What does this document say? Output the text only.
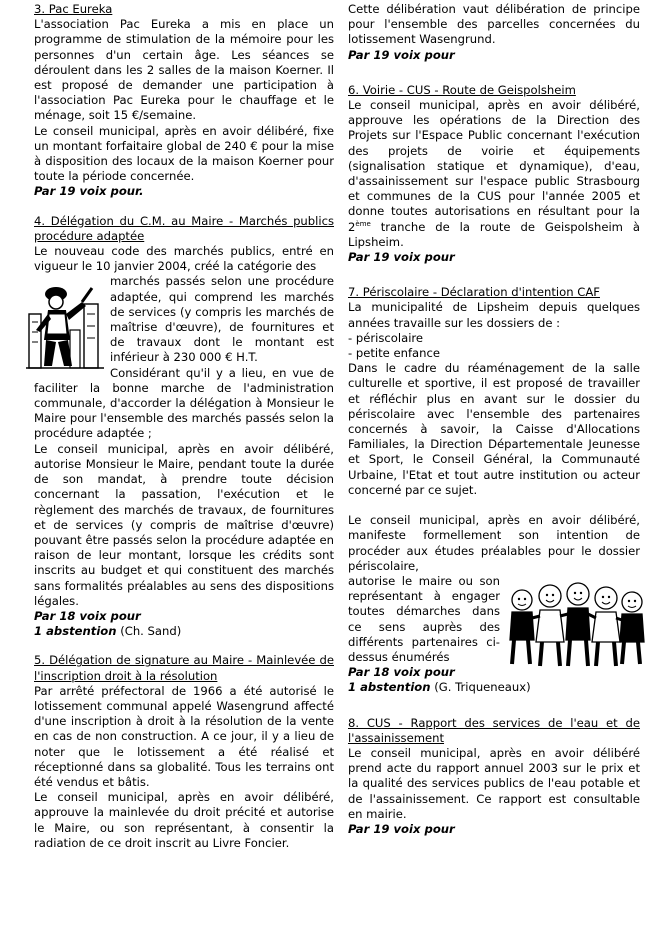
3. Pac Eureka

L'association Pac Eureka a mis en place un programme de stimulation de la mémoire pour les personnes d'un certain âge. Les séances se déroulent dans les 2 salles de la maison Koerner. Il est proposé de demander une participation à l'association Pac Eureka pour le chauffage et le ménage, soit 15 €/semaine.

Le conseil municipal, après en avoir délibéré, fixe un montant forfaitaire global de 240 € pour la mise à disposition des locaux de la maison Koerner pour toute la période concernée.

Par 19 voix pour.

4. Délégation du C.M. au Maire - Marchés publics procédure adaptée

Le nouveau code des marchés publics, entré en vigueur le 10 janvier 2004, créé la catégorie des

marchés passés selon une procédure adaptée, qui comprend les marchés de services (y compris les marchés de maîtrise d'œuvre), de fournitures et de travaux dont le montant est inférieur à 230 000 € H.T.

Considérant qu'il y a lieu, en vue de faciliter la bonne marche de l'administration communale, d'accorder la délégation à Monsieur le Maire pour l'ensemble des marchés passés selon la procédure adaptée ;

Le conseil municipal, après en avoir délibéré, autorise Monsieur le Maire, pendant toute la durée de son mandat, à prendre toute décision concernant la passation, l'exécution et le règlement des marchés de travaux, de fournitures et de services (y compris de maîtrise d'œuvre) pouvant être passés selon la procédure adaptée en raison de leur montant, lorsque les crédits sont inscrits au budget et qui constituent des marchés sans formalités préalables au sens des dispositions légales.

Par 18 voix pour

1 abstention (Ch. Sand)

5. Délégation de signature au Maire - Mainlevée de l'inscription droit à la résolution

Par arrêté préfectoral de 1966 a été autorisé le lotissement communal appelé Wasengrund affecté d'une inscription à droit à la résolution de la vente en cas de non construction. A ce jour, il y a lieu de noter que le lotissement a été réalisé et réceptionné dans sa globalité. Tous les terrains ont été vendus et bâtis.

Le conseil municipal, après en avoir délibéré, approuve la mainlevée du droit précité et autorise le Maire, ou son représentant, à consentir la radiation de ce droit inscrit au Livre Foncier.

Cette délibération vaut délibération de principe pour l'ensemble des parcelles concernées du lotissement Wasengrund.

Par 19 voix pour

6. Voirie - CUS - Route de Geispolsheim

Le conseil municipal, après en avoir délibéré, approuve les opérations de la Direction des Projets sur l'Espace Public concernant l'exécution des projets de voirie et équipements (signalisation statique et dynamique), d'eau, d'assainissement sur l'espace public Strasbourg et communes de la CUS pour l'année 2005 et donne toutes autorisations en résultant pour la 2ème tranche de la route de Geispolsheim à Lipsheim.

Par 19 voix pour

7. Périscolaire - Déclaration d'intention CAF

La municipalité de Lipsheim depuis quelques années travaille sur les dossiers de :

- périscolaire
- petite enfance

Dans le cadre du réaménagement de la salle culturelle et sportive, il est proposé de travailler et réfléchir plus en avant sur le dossier du périscolaire avec l'ensemble des partenaires concernés à savoir, la Caisse d'Allocations Familiales, la Direction Départementale Jeunesse et Sport, le Conseil Général, la Communauté Urbaine, l'Etat et tout autre institution ou acteur concerné par ce sujet.

Le conseil municipal, après en avoir délibéré, manifeste formellement son intention de procéder aux études préalables pour le dossier périscolaire,

autorise le maire ou son représentant à engager toutes démarches dans ce sens auprès des différents partenaires ci-dessus énumérés

Par 18 voix pour

1 abstention (G. Triqueneaux)

8. CUS - Rapport des services de l'eau et de l'assainissement

Le conseil municipal, après en avoir délibéré prend acte du rapport annuel 2003 sur le prix et la qualité des services publics de l'eau potable et de l'assainissement. Ce rapport est consultable en mairie.

Par 19 voix pour
